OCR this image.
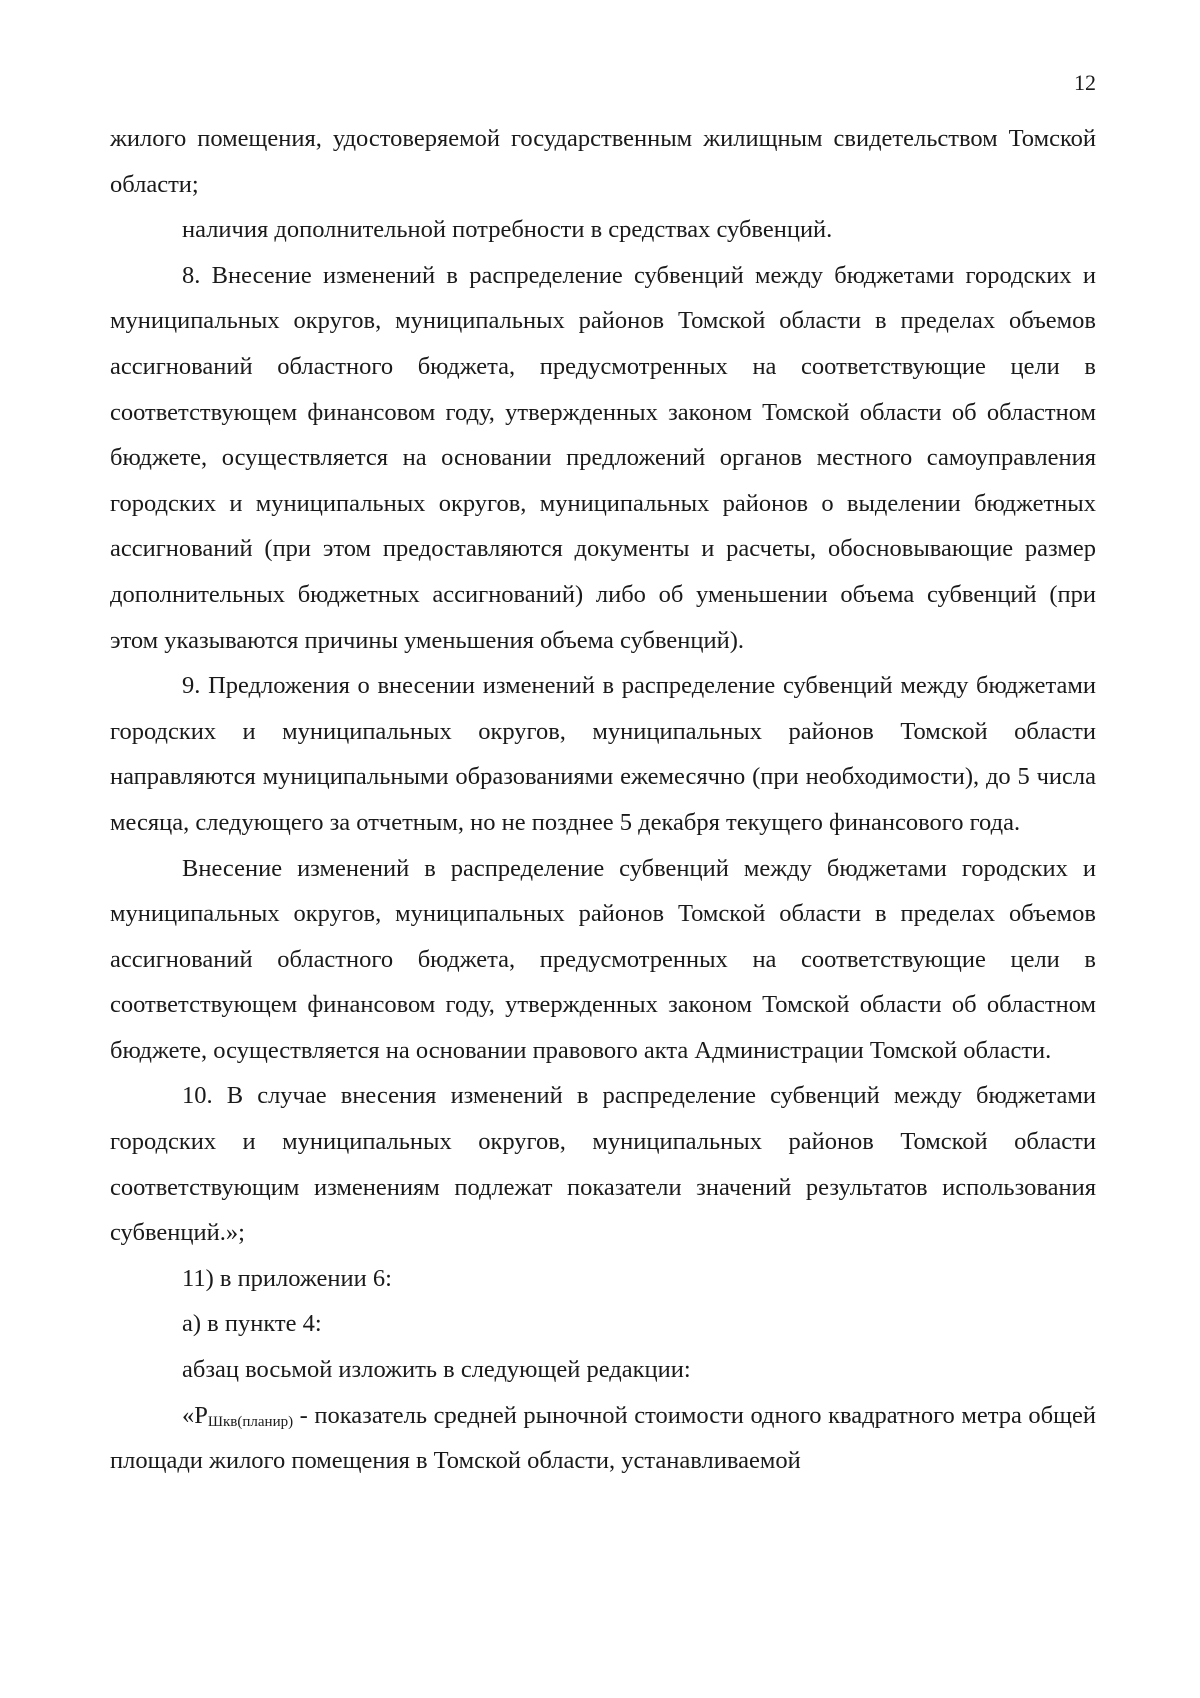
12

жилого помещения, удостоверяемой государственным жилищным свидетельством Томской области;

наличия дополнительной потребности в средствах субвенций.

8. Внесение изменений в распределение субвенций между бюджетами городских и муниципальных округов, муниципальных районов Томской области в пределах объемов ассигнований областного бюджета, предусмотренных на соответствующие цели в соответствующем финансовом году, утвержденных законом Томской области об областном бюджете, осуществляется на основании предложений органов местного самоуправления городских и муниципальных округов, муниципальных районов о выделении бюджетных ассигнований (при этом предоставляются документы и расчеты, обосновывающие размер дополнительных бюджетных ассигнований) либо об уменьшении объема субвенций (при этом указываются причины уменьшения объема субвенций).

9. Предложения о внесении изменений в распределение субвенций между бюджетами городских и муниципальных округов, муниципальных районов Томской области направляются муниципальными образованиями ежемесячно (при необходимости), до 5 числа месяца, следующего за отчетным, но не позднее 5 декабря текущего финансового года.

Внесение изменений в распределение субвенций между бюджетами городских и муниципальных округов, муниципальных районов Томской области в пределах объемов ассигнований областного бюджета, предусмотренных на соответствующие цели в соответствующем финансовом году, утвержденных законом Томской области об областном бюджете, осуществляется на основании правового акта Администрации Томской области.

10. В случае внесения изменений в распределение субвенций между бюджетами городских и муниципальных округов, муниципальных районов Томской области соответствующим изменениям подлежат показатели значений результатов использования субвенций.»;

11) в приложении 6:

а) в пункте 4:

абзац восьмой изложить в следующей редакции:

«$Р_{Шкв(планир)}$ - показатель средней рыночной стоимости одного квадратного метра общей площади жилого помещения в Томской области, устанавливаемой
